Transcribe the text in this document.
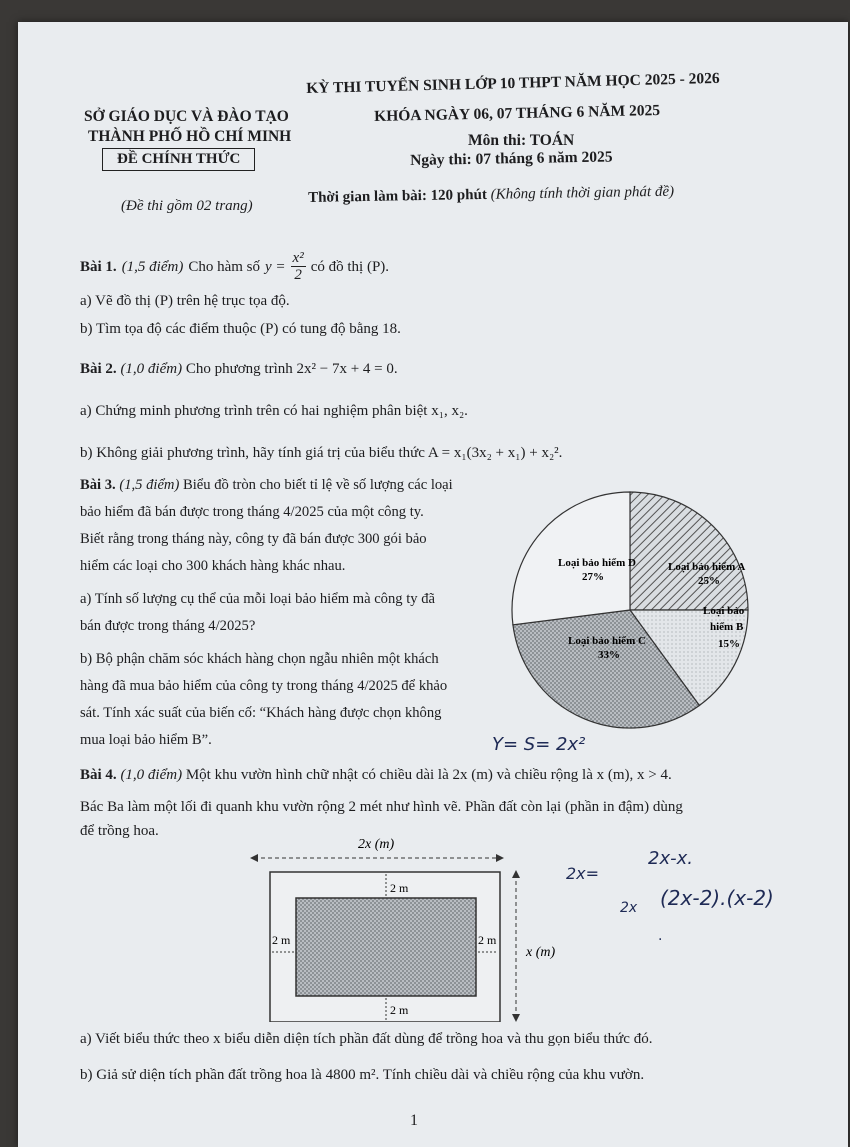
SỞ GIÁO DỤC VÀ ĐÀO TẠO
THÀNH PHỐ HỒ CHÍ MINH
ĐỀ CHÍNH THỨC
(Đề thi gồm 02 trang)
KỲ THI TUYỂN SINH LỚP 10 THPT NĂM HỌC 2025 - 2026
KHÓA NGÀY 06, 07 THÁNG 6 NĂM 2025
Môn thi: TOÁN
Ngày thi: 07 tháng 6 năm 2025
Thời gian làm bài: 120 phút (Không tính thời gian phát đề)
Bài 1. (1,5 điểm) Cho hàm số $y = \frac{\text{x²}}{2}$ có đồ thị (P).
a) Vẽ đồ thị (P) trên hệ trục tọa độ.
b) Tìm tọa độ các điểm thuộc (P) có tung độ bằng 18.
Bài 2. (1,0 điểm) Cho phương trình 2x² − 7x + 4 = 0.
a) Chứng minh phương trình trên có hai nghiệm phân biệt x₁, x₂.
b) Không giải phương trình, hãy tính giá trị của biểu thức A = x₁(3x₂ + x₁) + x₂².
Bài 3. (1,5 điểm) Biểu đồ tròn cho biết tỉ lệ về số lượng các loại
bảo hiểm đã bán được trong tháng 4/2025 của một công ty.
Biết rằng trong tháng này, công ty đã bán được 300 gói bảo
hiểm các loại cho 300 khách hàng khác nhau.
a) Tính số lượng cụ thể của mỗi loại bảo hiểm mà công ty đã
bán được trong tháng 4/2025?
b) Bộ phận chăm sóc khách hàng chọn ngẫu nhiên một khách
hàng đã mua bảo hiểm của công ty trong tháng 4/2025 để khảo
sát. Tính xác suất của biến cố: “Khách hàng được chọn không
mua loại bảo hiểm B”.
Loại bảo hiểm D
27%
Loại bảo hiểm A
25%
Loại bảo
hiểm B
15%
Loại bảo hiểm C
33%
Bài 4. (1,0 điểm) Một khu vườn hình chữ nhật có chiều dài là 2x (m) và chiều rộng là x (m), x > 4.
Bác Ba làm một lối đi quanh khu vườn rộng 2 mét như hình vẽ. Phần đất còn lại (phần in đậm) dùng
để trồng hoa.
2x (m)
2 m
2 m
2 m	2 m
x (m)
a) Viết biểu thức theo x biểu diễn diện tích phần đất dùng để trồng hoa và thu gọn biểu thức đó.
b) Giả sử diện tích phần đất trồng hoa là 4800 m². Tính chiều dài và chiều rộng của khu vườn.
1
Y= S= 2x²
2x=
2x-x.
2x (2x-2).(x-2)
.
